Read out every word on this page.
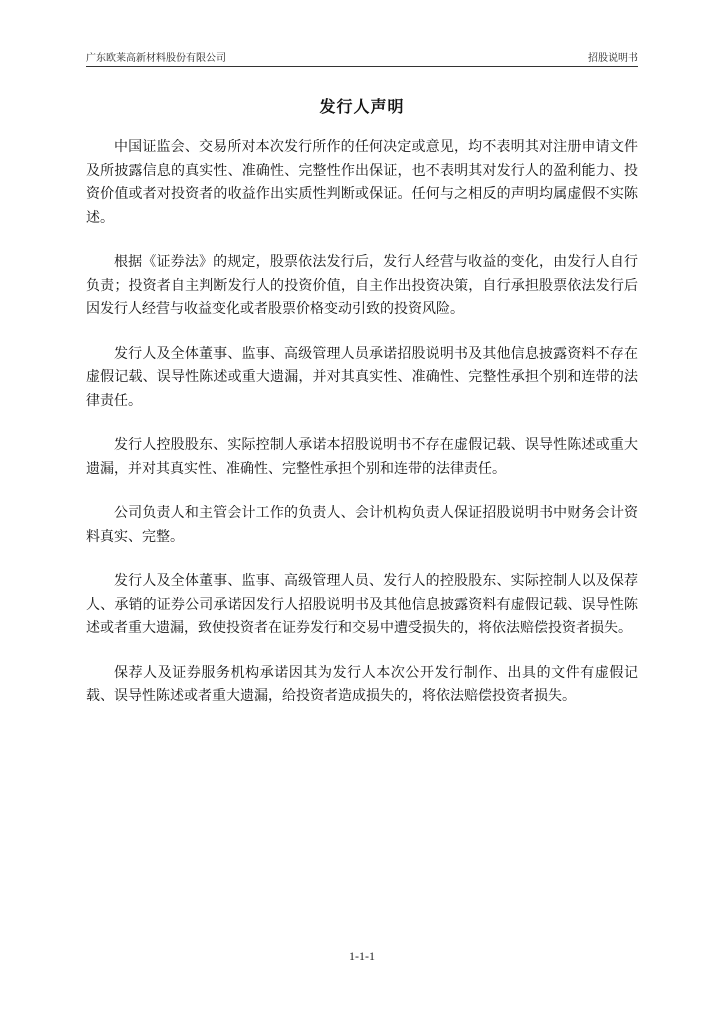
广东欧莱高新材料股份有限公司	招股说明书
发行人声明

中国证监会、交易所对本次发行所作的任何决定或意见，均不表明其对注册申请文件及所披露信息的真实性、准确性、完整性作出保证，也不表明其对发行人的盈利能力、投资价值或者对投资者的收益作出实质性判断或保证。任何与之相反的声明均属虚假不实陈述。

根据《证券法》的规定，股票依法发行后，发行人经营与收益的变化，由发行人自行负责；投资者自主判断发行人的投资价值，自主作出投资决策，自行承担股票依法发行后因发行人经营与收益变化或者股票价格变动引致的投资风险。

发行人及全体董事、监事、高级管理人员承诺招股说明书及其他信息披露资料不存在虚假记载、误导性陈述或重大遗漏，并对其真实性、准确性、完整性承担个别和连带的法律责任。

发行人控股股东、实际控制人承诺本招股说明书不存在虚假记载、误导性陈述或重大遗漏，并对其真实性、准确性、完整性承担个别和连带的法律责任。

公司负责人和主管会计工作的负责人、会计机构负责人保证招股说明书中财务会计资料真实、完整。

发行人及全体董事、监事、高级管理人员、发行人的控股股东、实际控制人以及保荐人、承销的证券公司承诺因发行人招股说明书及其他信息披露资料有虚假记载、误导性陈述或者重大遗漏，致使投资者在证券发行和交易中遭受损失的，将依法赔偿投资者损失。

保荐人及证券服务机构承诺因其为发行人本次公开发行制作、出具的文件有虚假记载、误导性陈述或者重大遗漏，给投资者造成损失的，将依法赔偿投资者损失。

1-1-1
